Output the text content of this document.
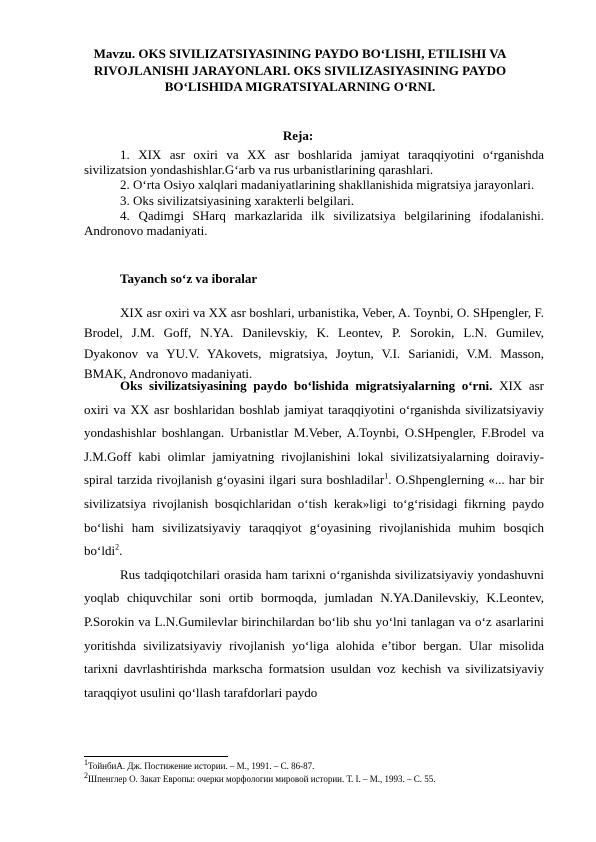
Mavzu. OKS SIVILIZATSIYASINING PAYDO BO‘LISHI, ETILISHI VA RIVOJLANISHI JARAYONLARI. OKS SIVILIZASIYASINING PAYDO BO‘LISHIDA MIGRATSIYALARNING O‘RNI.
Reja:

1. XIX asr oxiri va XX asr boshlarida jamiyat taraqqiyotini o‘rganishda sivilizatsion yondashishlar.G‘arb va rus urbanistlarining qarashlari.

2. O‘rta Osiyo xalqlari madaniyatlarining shakllanishida migratsiya jarayonlari.

3. Oks sivilizatsiyasining xarakterli belgilari.

4. Qadimgi SHarq markazlarida ilk sivilizatsiya belgilarining ifodalanishi. Andronovo madaniyati.

Tayanch so‘z va iboralar

XIX asr oxiri va XX asr boshlari, urbanistika, Veber, A. Toynbi, O. SHpengler, F. Brodel, J.M. Goff, N.YA. Danilevskiy, K. Leontev, P. Sorokin, L.N. Gumilev, Dyakonov va YU.V. YAkovets, migratsiya, Joytun, V.I. Sarianidi, V.M. Masson, BMAK, Andronovo madaniyati.

Oks sivilizatsiyasining paydo bo‘lishida migratsiyalarning o‘rni. XIX asr oxiri va XX asr boshlaridan boshlab jamiyat taraqqiyotini o‘rganishda sivilizatsiyaviy yondashishlar boshlangan. Urbanistlar M.Veber, A.Toynbi, O.SHpengler, F.Brodel va J.M.Goff kabi olimlar jamiyatning rivojlanishini lokal sivilizatsiyalarning doiraviy-spiral tarzida rivojlanish g‘oyasini ilgari sura boshladilar$^1$. O.Shpenglerning «... har bir sivilizatsiya rivojlanish bosqichlaridan o‘tish kerak»ligi to‘g‘risidagi fikrning paydo bo‘lishi ham sivilizatsiyaviy taraqqiyot g‘oyasining rivojlanishida muhim bosqich bo‘ldi$^2$.

Rus tadqiqotchilari orasida ham tarixni o‘rganishda sivilizatsiyaviy yondashuvni yoqlab chiquvchilar soni ortib bormoqda, jumladan N.YA.Danilevskiy, K.Leontev, P.Sorokin va L.N.Gumilevlar birinchilardan bo‘lib shu yo‘lni tanlagan va o‘z asarlarini yoritishda sivilizatsiyaviy rivojlanish yo‘liga alohida e’tibor bergan. Ular misolida tarixni davrlashtirishda markscha formatsion usuldan voz kechish va sivilizatsiyaviy taraqqiyot usulini qo‘llash tarafdorlari paydo

$^1$ТойнбиА. Дж. Постижение истории. – М., 1991. – С. 86-87.
$^2$Шпенглер О. Закат Европы: очерки морфологии мировой истории. Т. I. – М., 1993. – С. 55.
